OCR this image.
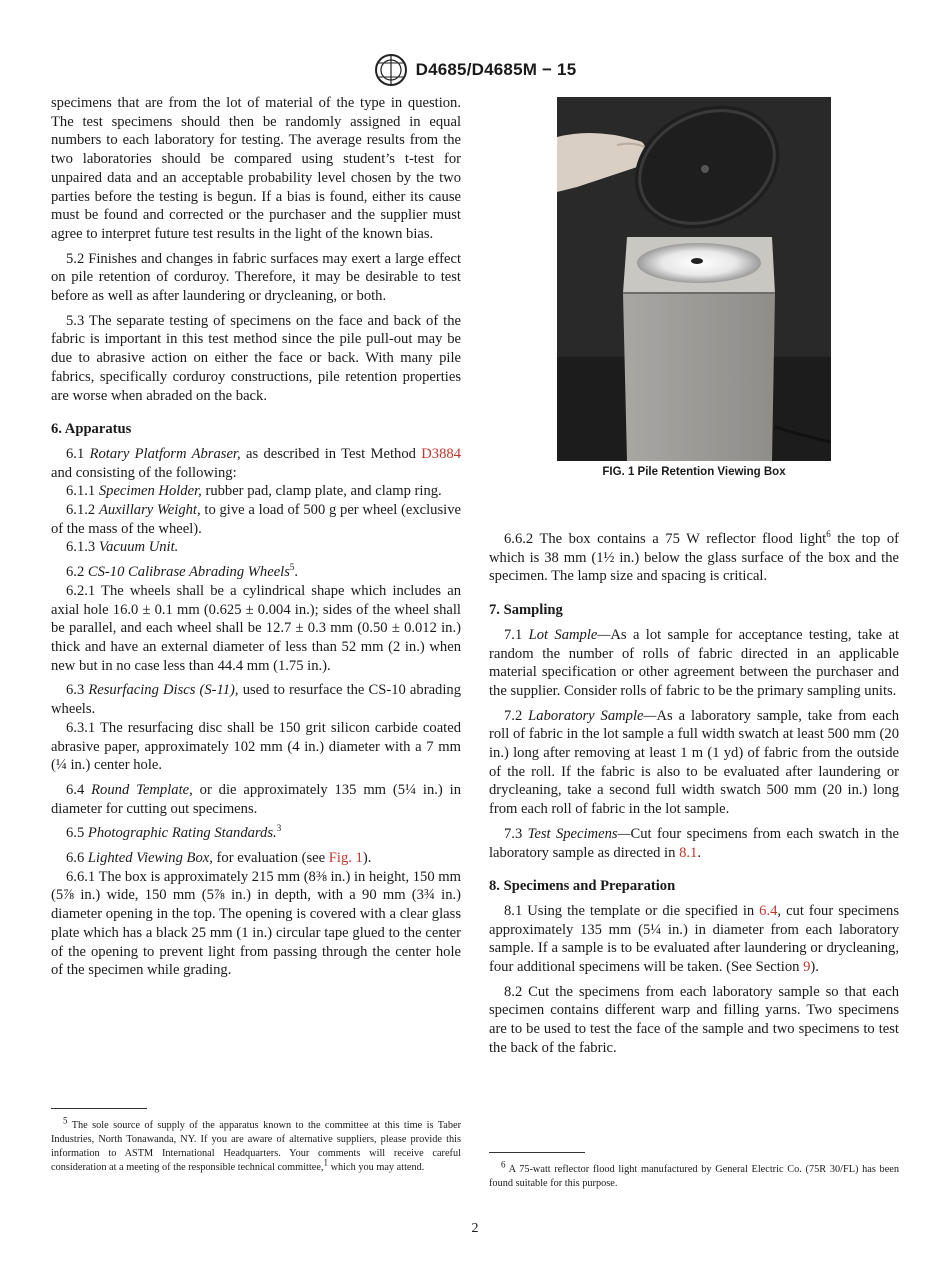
D4685/D4685M − 15

specimens that are from the lot of material of the type in question. The test specimens should then be randomly assigned in equal numbers to each laboratory for testing. The average results from the two laboratories should be compared using student’s t-test for unpaired data and an acceptable probability level chosen by the two parties before the testing is begun. If a bias is found, either its cause must be found and corrected or the purchaser and the supplier must agree to interpret future test results in the light of the known bias.

5.2 Finishes and changes in fabric surfaces may exert a large effect on pile retention of corduroy. Therefore, it may be desirable to test before as well as after laundering or drycleaning, or both.

5.3 The separate testing of specimens on the face and back of the fabric is important in this test method since the pile pull-out may be due to abrasive action on either the face or back. With many pile fabrics, specifically corduroy constructions, pile retention properties are worse when abraded on the back.

6. Apparatus

6.1 Rotary Platform Abraser, as described in Test Method D3884 and consisting of the following:

6.1.1 Specimen Holder, rubber pad, clamp plate, and clamp ring.

6.1.2 Auxillary Weight, to give a load of 500 g per wheel (exclusive of the mass of the wheel).

6.1.3 Vacuum Unit.

6.2 CS-10 Calibrase Abrading Wheels$^5$.

6.2.1 The wheels shall be a cylindrical shape which includes an axial hole 16.0 ± 0.1 mm (0.625 ± 0.004 in.); sides of the wheel shall be parallel, and each wheel shall be 12.7 ± 0.3 mm (0.50 ± 0.012 in.) thick and have an external diameter of less than 52 mm (2 in.) when new but in no case less than 44.4 mm (1.75 in.).

6.3 Resurfacing Discs (S-11), used to resurface the CS-10 abrading wheels.

6.3.1 The resurfacing disc shall be 150 grit silicon carbide coated abrasive paper, approximately 102 mm (4 in.) diameter with a 7 mm (¼ in.) center hole.

6.4 Round Template, or die approximately 135 mm (5¼ in.) in diameter for cutting out specimens.

6.5 Photographic Rating Standards.$^3$

6.6 Lighted Viewing Box, for evaluation (see Fig. 1).

6.6.1 The box is approximately 215 mm (8⅜ in.) in height, 150 mm (5⅞ in.) wide, 150 mm (5⅞ in.) in depth, with a 90 mm (3¾ in.) diameter opening in the top. The opening is covered with a clear glass plate which has a black 25 mm (1 in.) circular tape glued to the center of the opening to prevent light from passing through the center hole of the specimen while grading.

$^5$ The sole source of supply of the apparatus known to the committee at this time is Taber Industries, North Tonawanda, NY. If you are aware of alternative suppliers, please provide this information to ASTM International Headquarters. Your comments will receive careful consideration at a meeting of the responsible technical committee,$^1$ which you may attend.
FIG. 1 Pile Retention Viewing Box

6.6.2 The box contains a 75 W reflector flood light$^6$ the top of which is 38 mm (1½ in.) below the glass surface of the box and the specimen. The lamp size and spacing is critical.

7. Sampling

7.1 Lot Sample—As a lot sample for acceptance testing, take at random the number of rolls of fabric directed in an applicable material specification or other agreement between the purchaser and the supplier. Consider rolls of fabric to be the primary sampling units.

7.2 Laboratory Sample—As a laboratory sample, take from each roll of fabric in the lot sample a full width swatch at least 500 mm (20 in.) long after removing at least 1 m (1 yd) of fabric from the outside of the roll. If the fabric is also to be evaluated after laundering or drycleaning, take a second full width swatch 500 mm (20 in.) long from each roll of fabric in the lot sample.

7.3 Test Specimens—Cut four specimens from each swatch in the laboratory sample as directed in 8.1.

8. Specimens and Preparation

8.1 Using the template or die specified in 6.4, cut four specimens approximately 135 mm (5¼ in.) in diameter from each laboratory sample. If a sample is to be evaluated after laundering or drycleaning, four additional specimens will be taken. (See Section 9).

8.2 Cut the specimens from each laboratory sample so that each specimen contains different warp and filling yarns. Two specimens are to be used to test the face of the sample and two specimens to test the back of the fabric.

$^6$ A 75-watt reflector flood light manufactured by General Electric Co. (75R 30/FL) has been found suitable for this purpose.
2
